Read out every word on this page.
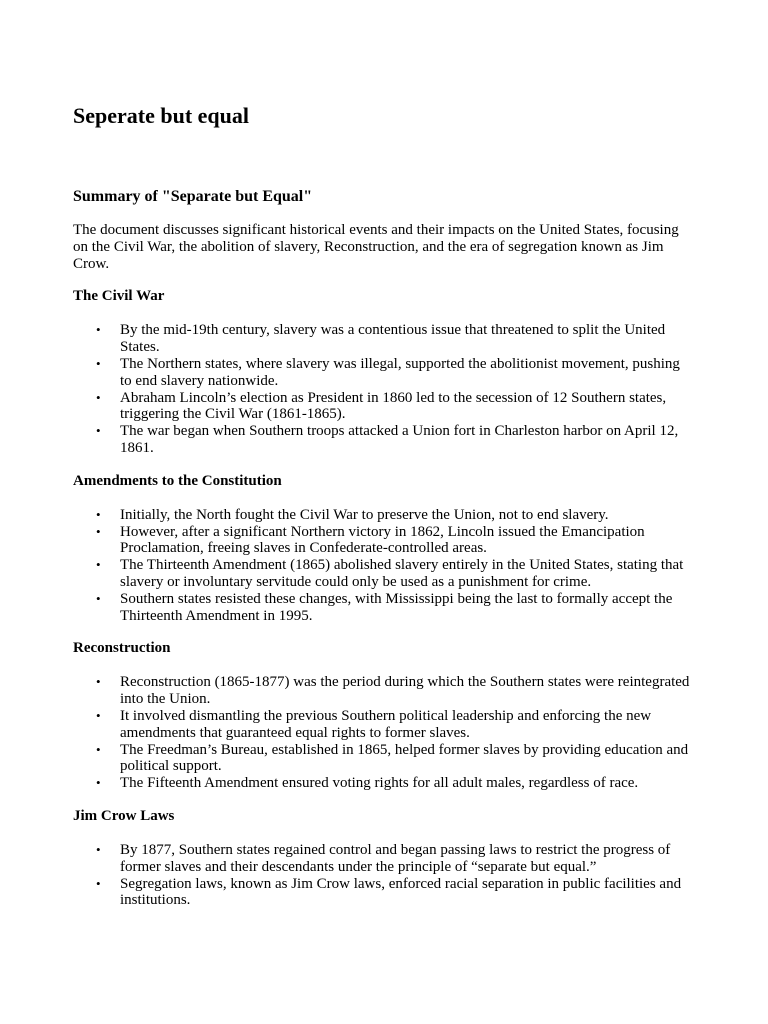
Seperate but equal
Summary of "Separate but Equal"

The document discusses significant historical events and their impacts on the United States, focusing on the Civil War, the abolition of slavery, Reconstruction, and the era of segregation known as Jim Crow.

The Civil War
• By the mid-19th century, slavery was a contentious issue that threatened to split the United States.
• The Northern states, where slavery was illegal, supported the abolitionist movement, pushing to end slavery nationwide.
• Abraham Lincoln’s election as President in 1860 led to the secession of 12 Southern states, triggering the Civil War (1861-1865).
• The war began when Southern troops attacked a Union fort in Charleston harbor on April 12, 1861.
Amendments to the Constitution
• Initially, the North fought the Civil War to preserve the Union, not to end slavery.
• However, after a significant Northern victory in 1862, Lincoln issued the Emancipation Proclamation, freeing slaves in Confederate-controlled areas.
• The Thirteenth Amendment (1865) abolished slavery entirely in the United States, stating that slavery or involuntary servitude could only be used as a punishment for crime.
• Southern states resisted these changes, with Mississippi being the last to formally accept the Thirteenth Amendment in 1995.
Reconstruction
• Reconstruction (1865-1877) was the period during which the Southern states were reintegrated into the Union.
• It involved dismantling the previous Southern political leadership and enforcing the new amendments that guaranteed equal rights to former slaves.
• The Freedman’s Bureau, established in 1865, helped former slaves by providing education and political support.
• The Fifteenth Amendment ensured voting rights for all adult males, regardless of race.
Jim Crow Laws
• By 1877, Southern states regained control and began passing laws to restrict the progress of former slaves and their descendants under the principle of “separate but equal.”
• Segregation laws, known as Jim Crow laws, enforced racial separation in public facilities and institutions.
